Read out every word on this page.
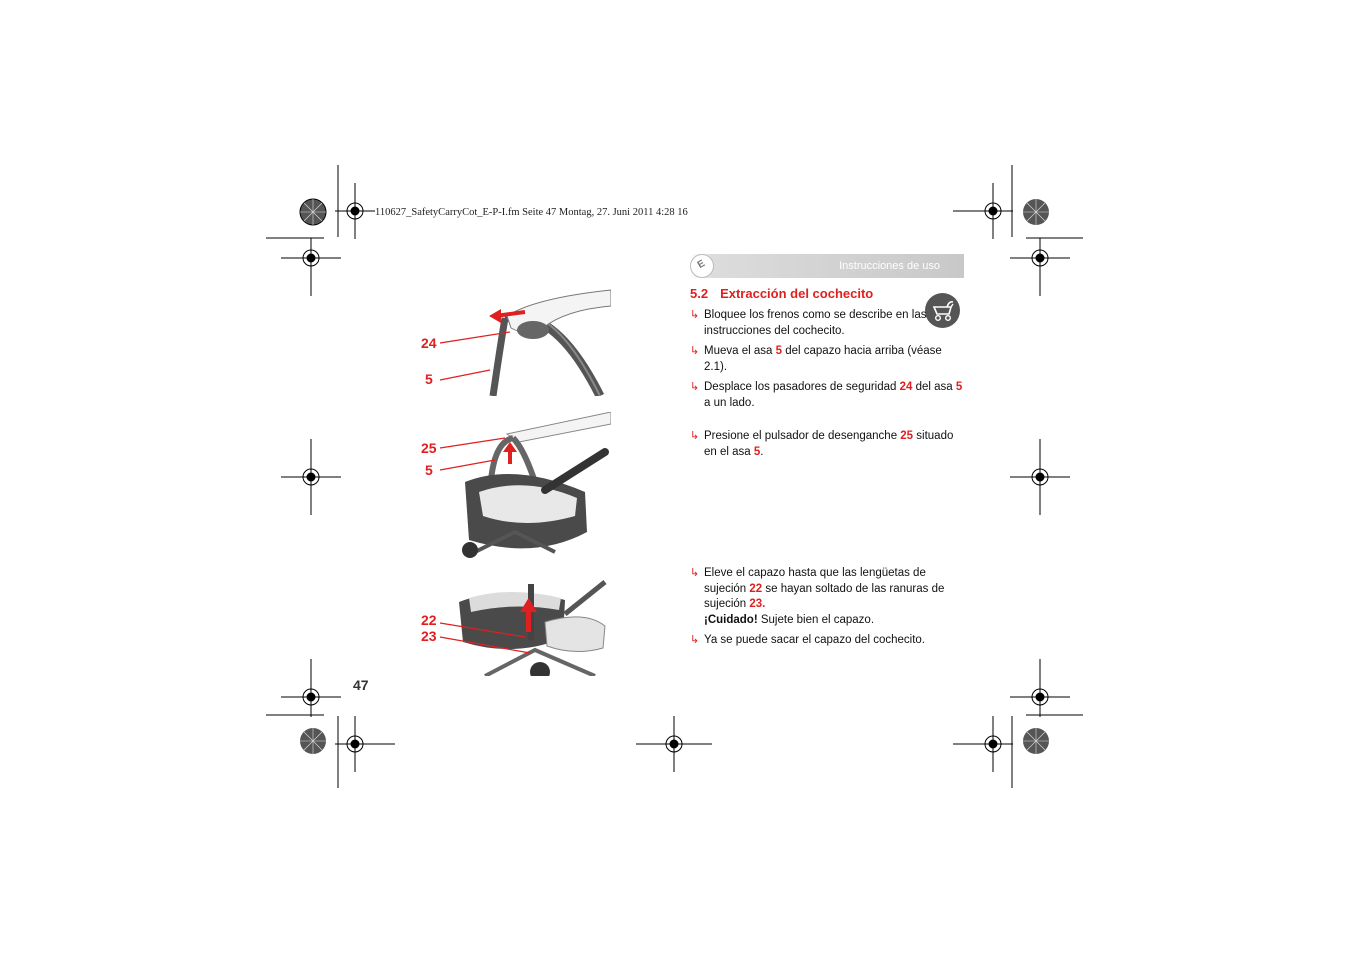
110627_SafetyCarryCot_E-P-I.fm Seite 47 Montag, 27. Juni 2011 4:28 16
Instrucciones de uso
E
5.2 Extracción del cochecito
↳ Bloquee los frenos como se describe en las instrucciones del cochecito.
↳ Mueva el asa 5 del capazo hacia arriba (véase 2.1).
↳ Desplace los pasadores de seguridad 24 del asa 5 a un lado.
↳ Presione el pulsador de desenganche 25 situado en el asa 5.
↳ Eleve el capazo hasta que las lengüetas de sujeción 22 se hayan soltado de las ranuras de sujeción 23.
¡Cuidado! Sujete bien el capazo.
↳ Ya se puede sacar el capazo del cochecito.
24
5
25
5
22
23
47
